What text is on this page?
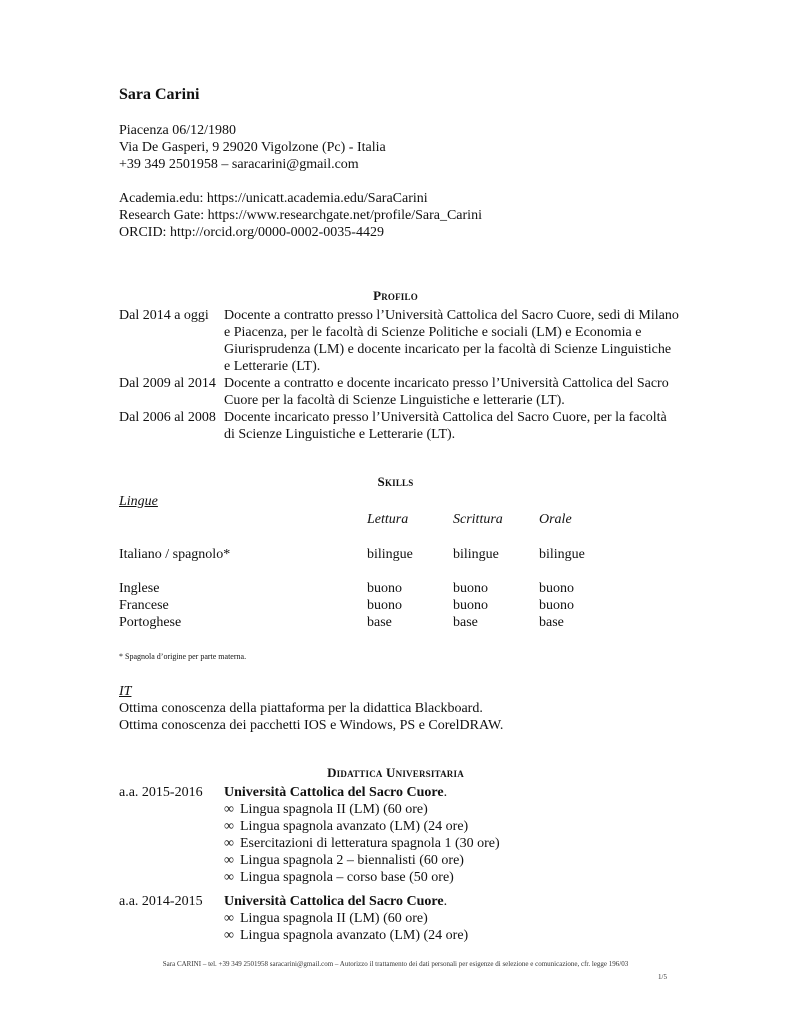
Sara Carini
Piacenza 06/12/1980
Via De Gasperi, 9 29020 Vigolzone (Pc) - Italia
+39 349 2501958 – saracarini@gmail.com
Academia.edu: https://unicatt.academia.edu/SaraCarini
Research Gate: https://www.researchgate.net/profile/Sara_Carini
ORCID: http://orcid.org/0000-0002-0035-4429
Profilo
Dal 2014 a oggi Docente a contratto presso l’Università Cattolica del Sacro Cuore, sedi di Milano e Piacenza, per le facoltà di Scienze Politiche e sociali (LM) e Economia e Giurisprudenza (LM) e docente incaricato per la facoltà di Scienze Linguistiche e Letterarie (LT).
Dal 2009 al 2014 Docente a contratto e docente incaricato presso l’Università Cattolica del Sacro Cuore per la facoltà di Scienze Linguistiche e letterarie (LT).
Dal 2006 al 2008 Docente incaricato presso l’Università Cattolica del Sacro Cuore, per la facoltà di Scienze Linguistiche e Letterarie (LT).
Skills
Lingue
Lettura	Scrittura	Orale
Italiano / spagnolo*	bilingue	bilingue	bilingue
Inglese	buono	buono	buono
Francese	buono	buono	buono
Portoghese	base	base	base
* Spagnola d’origine per parte materna.
IT
Ottima conoscenza della piattaforma per la didattica Blackboard.
Ottima conoscenza dei pacchetti IOS e Windows, PS e CorelDRAW.
Didattica Universitaria
a.a. 2015-2016 Università Cattolica del Sacro Cuore.
∞ Lingua spagnola II (LM) (60 ore)
∞ Lingua spagnola avanzato (LM) (24 ore)
∞ Esercitazioni di letteratura spagnola 1 (30 ore)
∞ Lingua spagnola 2 – biennalisti (60 ore)
∞ Lingua spagnola – corso base (50 ore)
a.a. 2014-2015 Università Cattolica del Sacro Cuore.
∞ Lingua spagnola II (LM) (60 ore)
∞ Lingua spagnola avanzato (LM) (24 ore)
Sara CARINI – tel. +39 349 2501958 saracarini@gmail.com – Autorizzo il trattamento dei dati personali per esigenze di selezione e comunicazione, cfr. legge 196/03
1/5
